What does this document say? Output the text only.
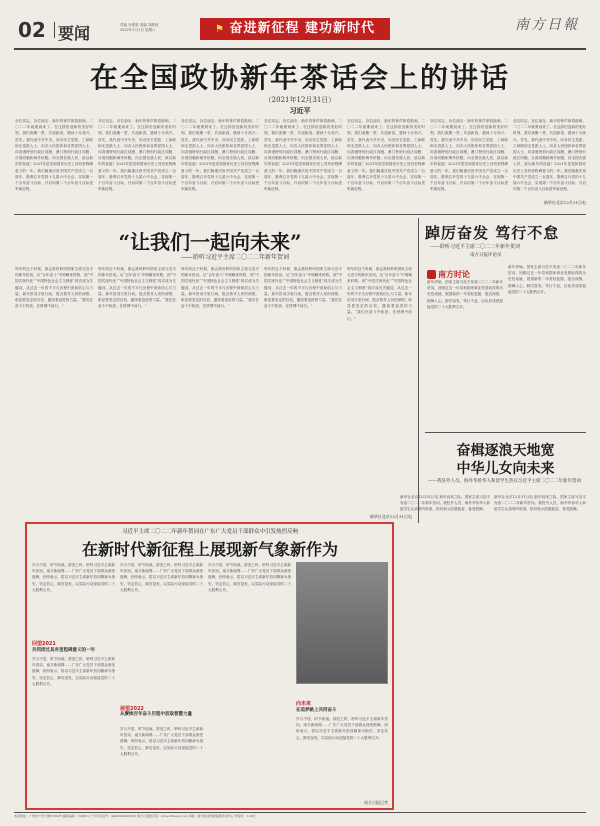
02 要闻	责编 补建梁 美编 刘维琼
2022年1月1日 星期六	⚑ 奋进新征程 建功新时代	南方日報
在全国政协新年茶话会上的讲话
（2021年12月31日）
习近平
各位同志，各位朋友：新年的钟声即将敲响，二〇二二年就要到来了。在这辞旧迎新的美好时刻，我们欢聚一堂，共迎新春，感到十分高兴。首先，我代表中共中央，向各民主党派、工商联和无党派人士，向各人民团体和各界爱国人士，向香港特别行政区同胞、澳门特别行政区同胞、台湾同胞和海外侨胞，向全国各族人民，致以新年的祝福！2021年是党和国家历史上具有里程碑意义的一年。我们隆重庆祝中国共产党成立一百周年，胜利召开党的十九届六中全会，实现第一个百年奋斗目标，开启向第二个百年奋斗目标进军新征程。
各位同志，各位朋友：新年的钟声即将敲响，二〇二二年就要到来了。在这辞旧迎新的美好时刻，我们欢聚一堂，共迎新春，感到十分高兴。首先，我代表中共中央，向各民主党派、工商联和无党派人士，向各人民团体和各界爱国人士，向香港特别行政区同胞、澳门特别行政区同胞、台湾同胞和海外侨胞，向全国各族人民，致以新年的祝福！2021年是党和国家历史上具有里程碑意义的一年。我们隆重庆祝中国共产党成立一百周年，胜利召开党的十九届六中全会，实现第一个百年奋斗目标，开启向第二个百年奋斗目标进军新征程。
各位同志，各位朋友：新年的钟声即将敲响，二〇二二年就要到来了。在这辞旧迎新的美好时刻，我们欢聚一堂，共迎新春，感到十分高兴。首先，我代表中共中央，向各民主党派、工商联和无党派人士，向各人民团体和各界爱国人士，向香港特别行政区同胞、澳门特别行政区同胞、台湾同胞和海外侨胞，向全国各族人民，致以新年的祝福！2021年是党和国家历史上具有里程碑意义的一年。我们隆重庆祝中国共产党成立一百周年，胜利召开党的十九届六中全会，实现第一个百年奋斗目标，开启向第二个百年奋斗目标进军新征程。
各位同志，各位朋友：新年的钟声即将敲响，二〇二二年就要到来了。在这辞旧迎新的美好时刻，我们欢聚一堂，共迎新春，感到十分高兴。首先，我代表中共中央，向各民主党派、工商联和无党派人士，向各人民团体和各界爱国人士，向香港特别行政区同胞、澳门特别行政区同胞、台湾同胞和海外侨胞，向全国各族人民，致以新年的祝福！2021年是党和国家历史上具有里程碑意义的一年。我们隆重庆祝中国共产党成立一百周年，胜利召开党的十九届六中全会，实现第一个百年奋斗目标，开启向第二个百年奋斗目标进军新征程。
各位同志，各位朋友：新年的钟声即将敲响，二〇二二年就要到来了。在这辞旧迎新的美好时刻，我们欢聚一堂，共迎新春，感到十分高兴。首先，我代表中共中央，向各民主党派、工商联和无党派人士，向各人民团体和各界爱国人士，向香港特别行政区同胞、澳门特别行政区同胞、台湾同胞和海外侨胞，向全国各族人民，致以新年的祝福！2021年是党和国家历史上具有里程碑意义的一年。我们隆重庆祝中国共产党成立一百周年，胜利召开党的十九届六中全会，实现第一个百年奋斗目标，开启向第二个百年奋斗目标进军新征程。
各位同志，各位朋友：新年的钟声即将敲响，二〇二二年就要到来了。在这辞旧迎新的美好时刻，我们欢聚一堂，共迎新春，感到十分高兴。首先，我代表中共中央，向各民主党派、工商联和无党派人士，向各人民团体和各界爱国人士，向香港特别行政区同胞、澳门特别行政区同胞、台湾同胞和海外侨胞，向全国各族人民，致以新年的祝福！2021年是党和国家历史上具有里程碑意义的一年。我们隆重庆祝中国共产党成立一百周年，胜利召开党的十九届六中全会，实现第一个百年奋斗目标，开启向第二个百年奋斗目标进军新征程。
各位同志，各位朋友：新年的钟声即将敲响，二〇二二年就要到来了。在这辞旧迎新的美好时刻，我们欢聚一堂，共迎新春，感到十分高兴。首先，我代表中共中央，向各民主党派、工商联和无党派人士，向各人民团体和各界爱国人士，向香港特别行政区同胞、澳门特别行政区同胞、台湾同胞和海外侨胞，向全国各族人民，致以新年的祝福！2021年是党和国家历史上具有里程碑意义的一年。我们隆重庆祝中国共产党成立一百周年，胜利召开党的十九届六中全会，实现第一个百年奋斗目标，开启向第二个百年奋斗目标进军新征程。
新华社北京12月31日电
“让我们一起向未来”
——聆听习近平主席二〇二二年新年贺词
每年的这个时候，都会准时聆听国家主席习近平的新年贺词。从“百年奋斗”中明晰来时路，到“中国式现代化”“中国特色社会主义制度”再次成为关键词，从过去一年的不平凡历程中汲取信心与力量。新年贺词字里行间，饱含着对人民的深情，彰显着坚定的自信，激荡着奋进的力量。“我们在奋斗中收获，在拼搏中前行。”
每年的这个时候，都会准时聆听国家主席习近平的新年贺词。从“百年奋斗”中明晰来时路，到“中国式现代化”“中国特色社会主义制度”再次成为关键词，从过去一年的不平凡历程中汲取信心与力量。新年贺词字里行间，饱含着对人民的深情，彰显着坚定的自信，激荡着奋进的力量。“我们在奋斗中收获，在拼搏中前行。”
每年的这个时候，都会准时聆听国家主席习近平的新年贺词。从“百年奋斗”中明晰来时路，到“中国式现代化”“中国特色社会主义制度”再次成为关键词，从过去一年的不平凡历程中汲取信心与力量。新年贺词字里行间，饱含着对人民的深情，彰显着坚定的自信，激荡着奋进的力量。“我们在奋斗中收获，在拼搏中前行。”
每年的这个时候，都会准时聆听国家主席习近平的新年贺词。从“百年奋斗”中明晰来时路，到“中国式现代化”“中国特色社会主义制度”再次成为关键词，从过去一年的不平凡历程中汲取信心与力量。新年贺词字里行间，饱含着对人民的深情，彰显着坚定的自信，激荡着奋进的力量。“我们在奋斗中收获，在拼搏中前行。”
每年的这个时候，都会准时聆听国家主席习近平的新年贺词。从“百年奋斗”中明晰来时路，到“中国式现代化”“中国特色社会主义制度”再次成为关键词，从过去一年的不平凡历程中汲取信心与力量。新年贺词字里行间，饱含着对人民的深情，彰显着坚定的自信，激荡着奋进的力量。“我们在奋斗中收获，在拼搏中前行。”
新华社北京12月31日电
踔厉奋发 笃行不怠
——聆听习近平主席二〇二二年新年贺词
南方日报评论员
南方时论
新年伊始，国家主席习近平发表二〇二二年新年贺词，回顾过去一年党和国家事业发展取得的历史性成就，展望新的一年美好蓝图，饱含深情，鼓舞人心。踔厉奋发，笃行不怠，以优异成绩迎接党的二十大胜利召开。
新年伊始，国家主席习近平发表二〇二二年新年贺词，回顾过去一年党和国家事业发展取得的历史性成就，展望新的一年美好蓝图，饱含深情，鼓舞人心。踔厉奋发，笃行不怠，以优异成绩迎接党的二十大胜利召开。
奋楫逐浪天地宽
中华儿女向未来
——我驻外人员、海外华侨华人和留学生热议习近平主席二〇二二年新年贺词
新华社北京12月31日电 新年到来之际，国家主席习近平发表二〇二二年新年贺词。我驻外人员、海外华侨华人和留学生认真收听收看，纷纷表示倍感振奋、备受鼓舞。
新华社北京12月31日电 新年到来之际，国家主席习近平发表二〇二二年新年贺词。我驻外人员、海外华侨华人和留学生认真收听收看，纷纷表示倍感振奋、备受鼓舞。
习近平主席二〇二二年新年贺词在广东广大党员干部群众中引发热烈反响
在新时代新征程上展现新气象新作为
岁月不居，时节如流。辞旧之时，聆听习近平主席新年贺词，南方新闻网……广东广大党员干部群众深受鼓舞，纷纷表示，将以习近平主席新年贺词精神为指引，坚定信心，踔厉奋发，以实际行动迎接党的二十大胜利召开。
回望2021
共同度过具有里程碑意义的一年
岁月不居，时节如流。辞旧之时，聆听习近平主席新年贺词，南方新闻网……广东广大党员干部群众深受鼓舞，纷纷表示，将以习近平主席新年贺词精神为指引，坚定信心，踔厉奋发，以实际行动迎接党的二十大胜利召开。
岁月不居，时节如流。辞旧之时，聆听习近平主席新年贺词，南方新闻网……广东广大党员干部群众深受鼓舞，纷纷表示，将以习近平主席新年贺词精神为指引，坚定信心，踔厉奋发，以实际行动迎接党的二十大胜利召开。
展望2022
从赓续百年奋斗历程中汲取智慧力量
岁月不居，时节如流。辞旧之时，聆听习近平主席新年贺词，南方新闻网……广东广大党员干部群众深受鼓舞，纷纷表示，将以习近平主席新年贺词精神为指引，坚定信心，踔厉奋发，以实际行动迎接党的二十大胜利召开。
岁月不居，时节如流。辞旧之时，聆听习近平主席新年贺词，南方新闻网……广东广大党员干部群众深受鼓舞，纷纷表示，将以习近平主席新年贺词精神为指引，坚定信心，踔厉奋发，以实际行动迎接党的二十大胜利召开。
向未来
在追梦路上共同奋斗
岁月不居，时节如流。辞旧之时，聆听习近平主席新年贺词，南方新闻网……广东广大党员干部群众深受鼓舞，纷纷表示，将以习近平主席新年贺词精神为指引，坚定信心，踔厉奋发，以实际行动迎接党的二十大胜利召开。
南方日报记者
本报地址：广州市广州大道中289号 邮政编码：510601 广告许可证号：4400004000005 南方日报数字报：www.nfnews.com 印刷：南方报业传媒集团印务中心 零售价：1.00元
